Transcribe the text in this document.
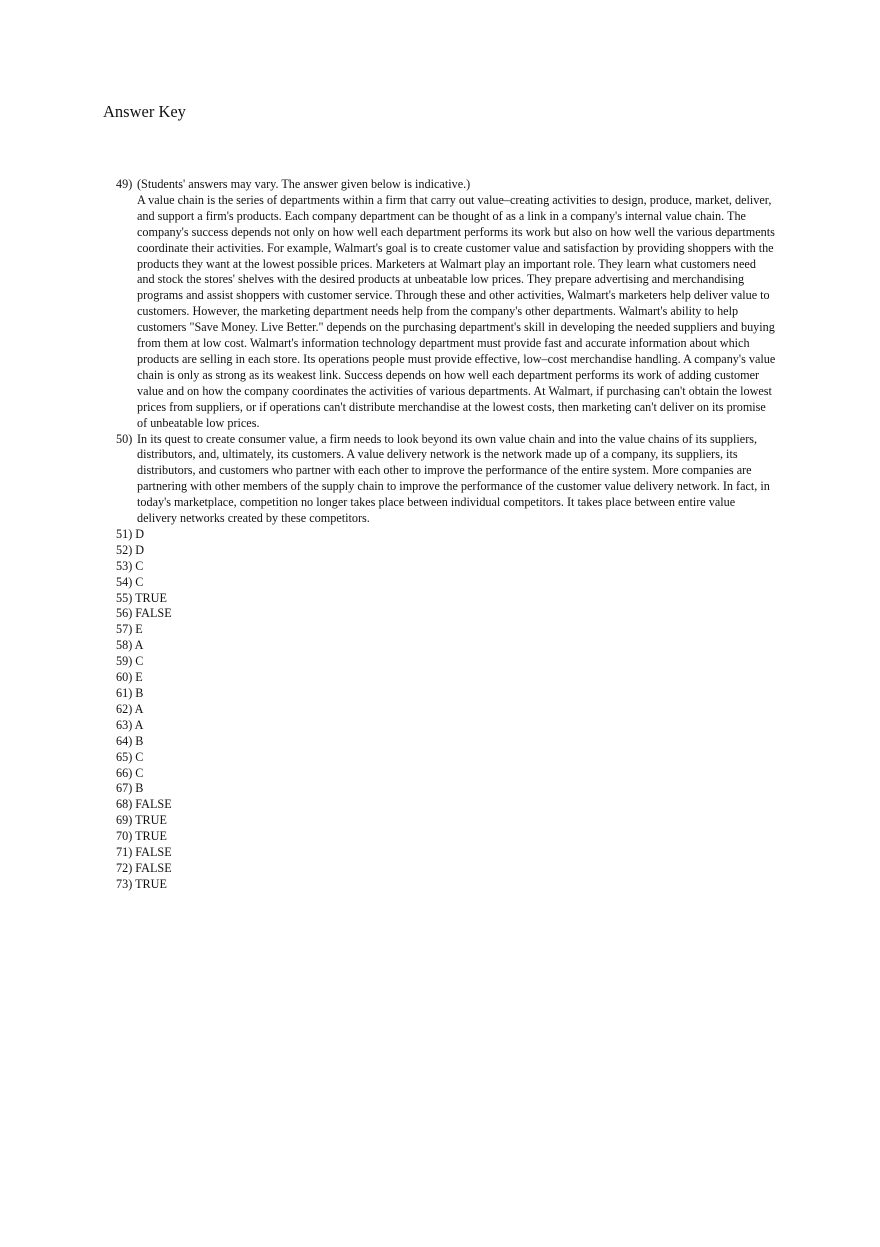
Answer Key
49) (Students' answers may vary. The answer given below is indicative.)
A value chain is the series of departments within a firm that carry out value–creating activities to design, produce, market, deliver, and support a firm's products. Each company department can be thought of as a link in a company's internal value chain. The company's success depends not only on how well each department performs its work but also on how well the various departments coordinate their activities. For example, Walmart's goal is to create customer value and satisfaction by providing shoppers with the products they want at the lowest possible prices. Marketers at Walmart play an important role. They learn what customers need and stock the stores' shelves with the desired products at unbeatable low prices. They prepare advertising and merchandising programs and assist shoppers with customer service. Through these and other activities, Walmart's marketers help deliver value to customers. However, the marketing department needs help from the company's other departments. Walmart's ability to help customers "Save Money. Live Better." depends on the purchasing department's skill in developing the needed suppliers and buying from them at low cost. Walmart's information technology department must provide fast and accurate information about which products are selling in each store. Its operations people must provide effective, low–cost merchandise handling. A company's value chain is only as strong as its weakest link. Success depends on how well each department performs its work of adding customer value and on how the company coordinates the activities of various departments. At Walmart, if purchasing can't obtain the lowest prices from suppliers, or if operations can't distribute merchandise at the lowest costs, then marketing can't deliver on its promise of unbeatable low prices.
50) In its quest to create consumer value, a firm needs to look beyond its own value chain and into the value chains of its suppliers, distributors, and, ultimately, its customers. A value delivery network is the network made up of a company, its suppliers, its distributors, and customers who partner with each other to improve the performance of the entire system. More companies are partnering with other members of the supply chain to improve the performance of the customer value delivery network. In fact, in today's marketplace, competition no longer takes place between individual competitors. It takes place between entire value delivery networks created by these competitors.
51) D
52) D
53) C
54) C
55) TRUE
56) FALSE
57) E
58) A
59) C
60) E
61) B
62) A
63) A
64) B
65) C
66) C
67) B
68) FALSE
69) TRUE
70) TRUE
71) FALSE
72) FALSE
73) TRUE
